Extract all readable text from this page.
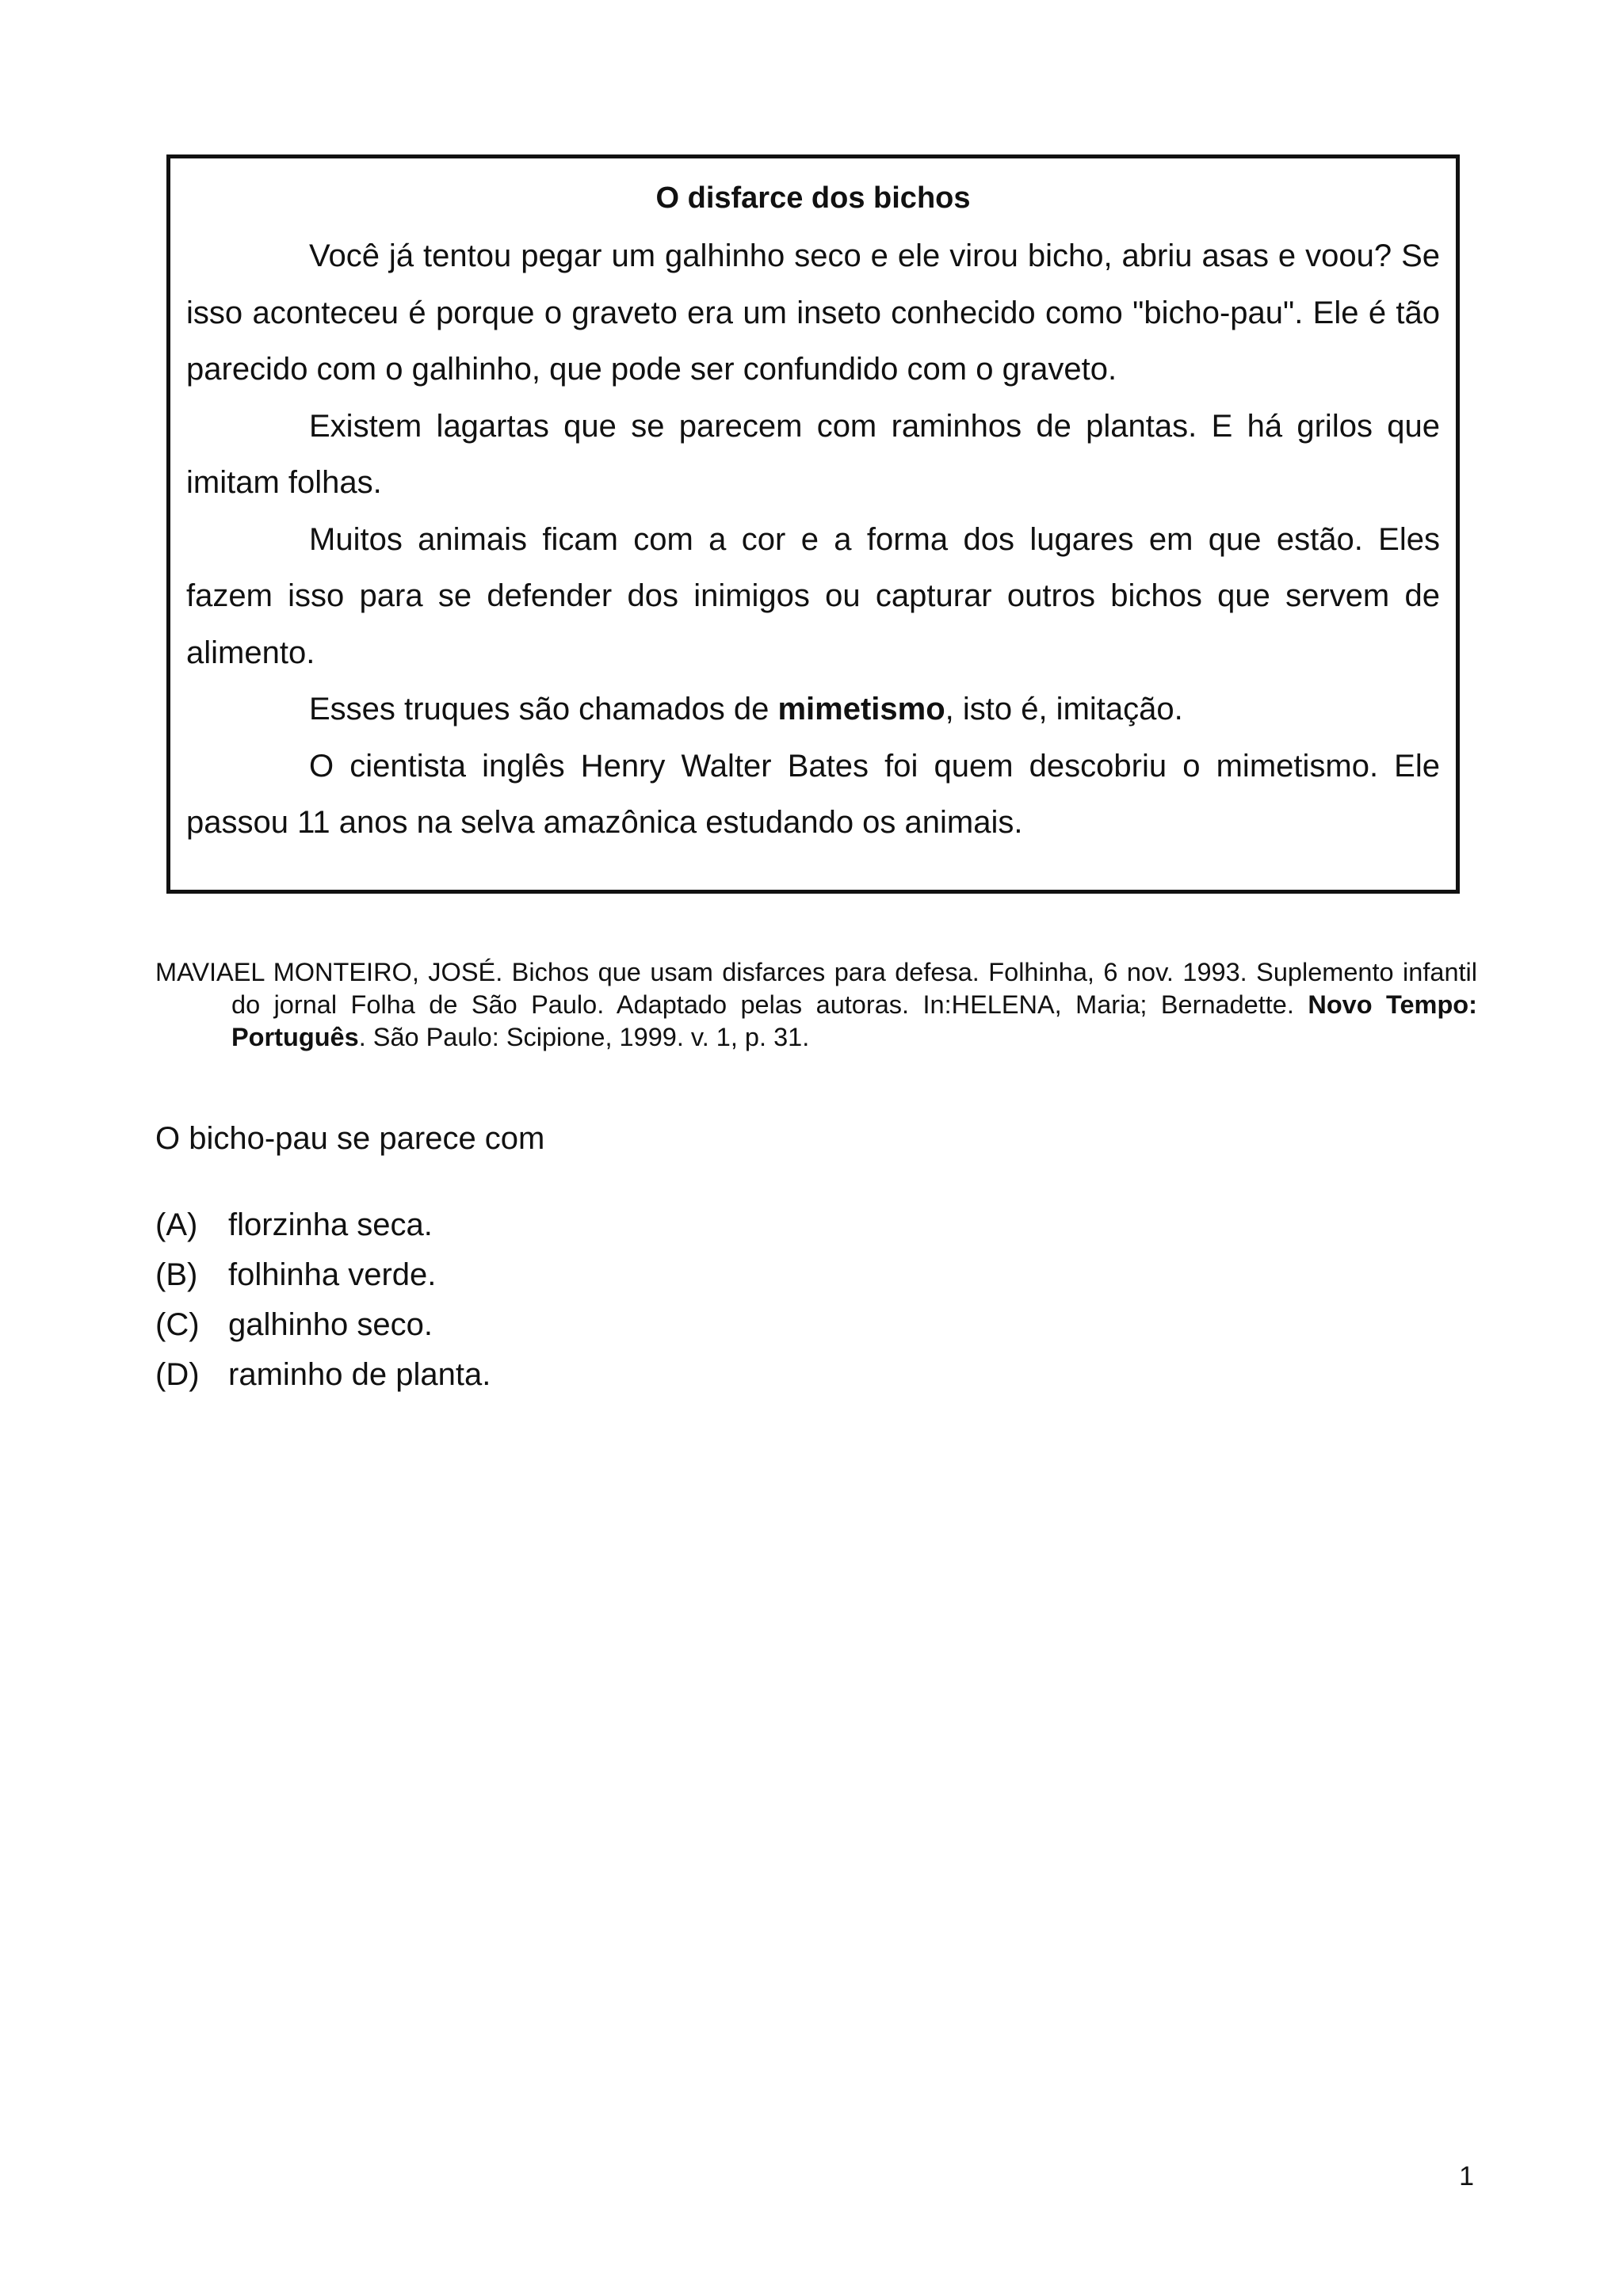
O disfarce dos bichos

Você já tentou pegar um galhinho seco e ele virou bicho, abriu asas e voou? Se isso aconteceu é porque o graveto era um inseto conhecido como "bicho-pau". Ele é tão parecido com o galhinho, que pode ser confundido com o graveto.

Existem lagartas que se parecem com raminhos de plantas. E há grilos que imitam folhas.

Muitos animais ficam com a cor e a forma dos lugares em que estão. Eles fazem isso para se defender dos inimigos ou capturar outros bichos que servem de alimento.

Esses truques são chamados de mimetismo, isto é, imitação.

O cientista inglês Henry Walter Bates foi quem descobriu o mimetismo. Ele passou 11 anos na selva amazônica estudando os animais.

MAVIAEL MONTEIRO, JOSÉ. Bichos que usam disfarces para defesa. Folhinha, 6 nov. 1993. Suplemento infantil do jornal Folha de São Paulo. Adaptado pelas autoras. In:HELENA, Maria; Bernadette. Novo Tempo: Português. São Paulo: Scipione, 1999. v. 1, p. 31.

O bicho-pau se parece com

(A) florzinha seca.
(B) folhinha verde.
(C) galhinho seco.
(D) raminho de planta.
1
